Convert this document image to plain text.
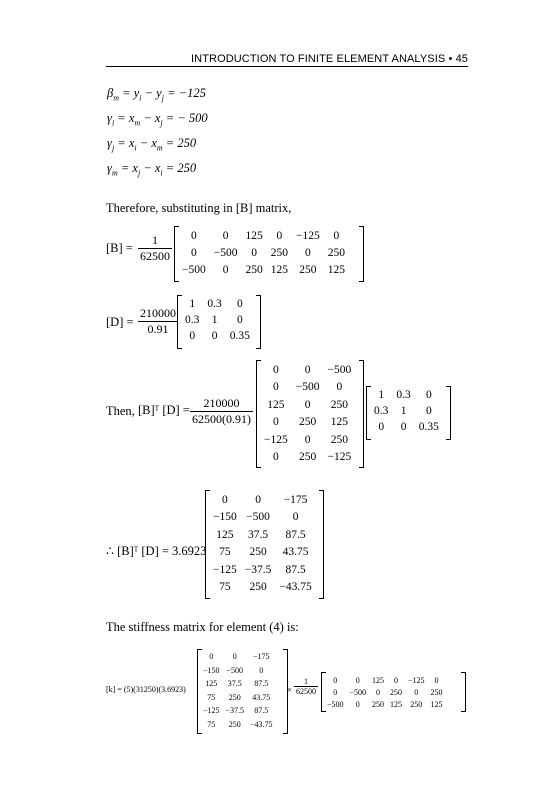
INTRODUCTION TO FINITE ELEMENT ANALYSIS • 45
$\beta_m = y_i - y_j = -125$
$\gamma_i = x_m - x_j$ = − 500
$\gamma_j = x_i - x_m = 250$
$\gamma_m = x_j - x_i = 250$
Therefore, substituting in [B] matrix,
$[B] = \frac{1}{62500} 0$	0	125	0	−125	0
0	−500	0	250	0	250
−500	0	250	125	250	125
$[D] = \frac{210000}{0.91}$
1	0.3	0
0.3	1	0
0	0	0.35
Then, [B]ᵀ $[D] = \frac{210000}{62500(0.91)}$
0	0	−500
0	−500	0
125	0	250
0	250	125
−125	0	250
0	250	−125
1	0.3	0
0.3	1	0
0	0	0.35
∴ [B]ᵀ [D] = 3.6923
0	0	−175
−150	−500	0
125	37.5	87.5
75	250	43.75
−125	−37.5	87.5
75	250	−43.75
The stiffness matrix for element (4) is:
[k] = (5)(31250)(3.6923)
0	0	−175
−150	−500	0
125	37.5	87.5
75	250	43.75
−125	−37.5	87.5
75	250	−43.75
× $\frac{1}{62500} 0$	0	125	0	−125	0
0	−500	0	250	0	250
−500	0	250	125	250	125
